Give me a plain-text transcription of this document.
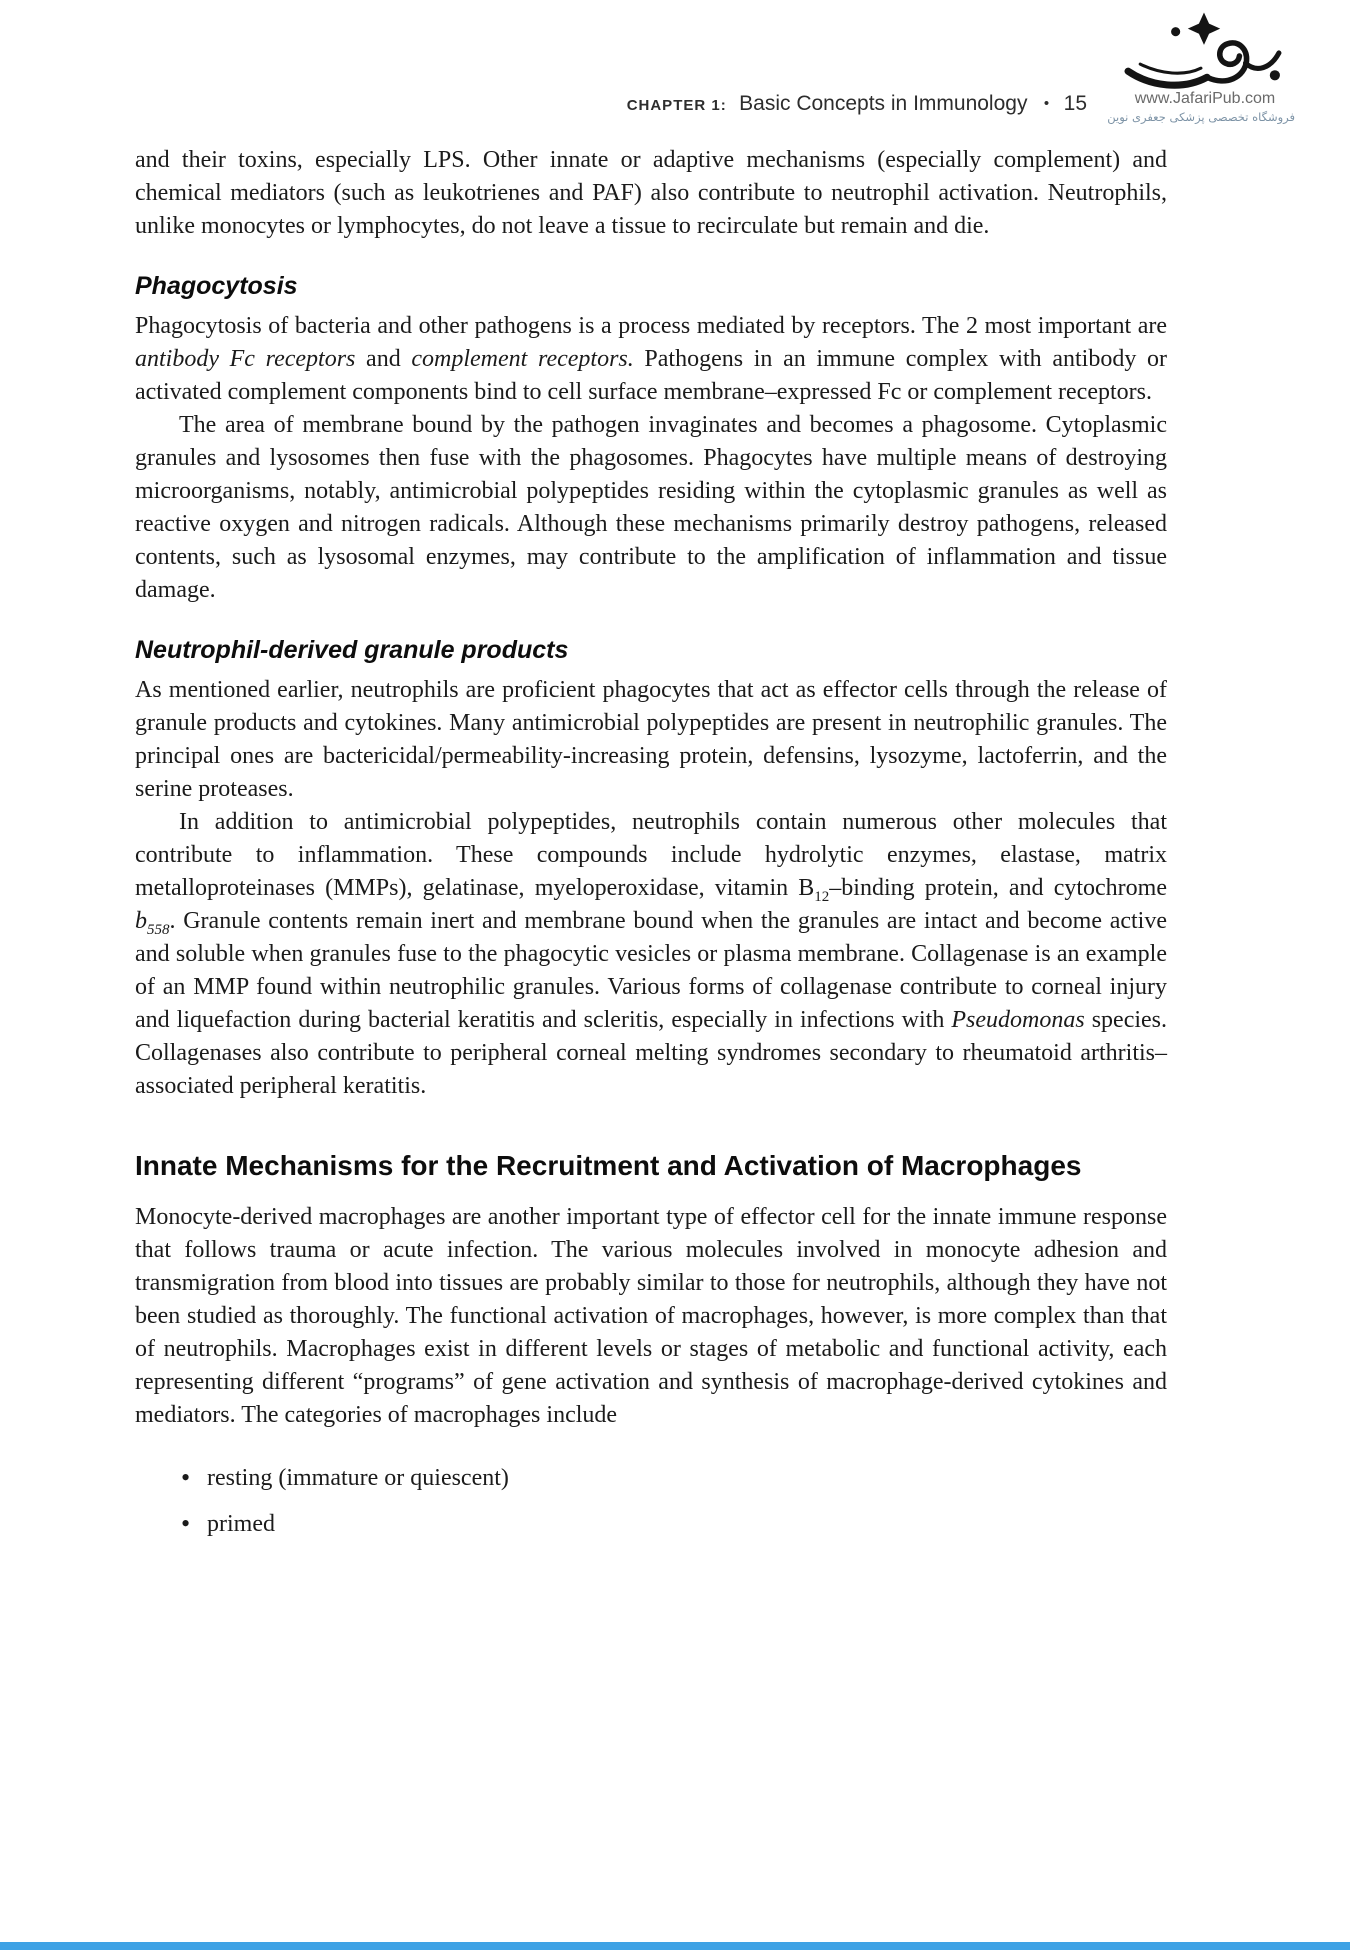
www.JafariPub.com
فروشگاه تخصصی پزشکی جعفری نوین
CHAPTER 1: Basic Concepts in Immunology • 15

and their toxins, especially LPS. Other innate or adaptive mechanisms (especially complement) and chemical mediators (such as leukotrienes and PAF) also contribute to neutrophil activation. Neutrophils, unlike monocytes or lymphocytes, do not leave a tissue to recirculate but remain and die.

Phagocytosis

Phagocytosis of bacteria and other pathogens is a process mediated by receptors. The 2 most important are antibody Fc receptors and complement receptors. Pathogens in an immune complex with antibody or activated complement components bind to cell surface membrane–expressed Fc or complement receptors.

The area of membrane bound by the pathogen invaginates and becomes a phagosome. Cytoplasmic granules and lysosomes then fuse with the phagosomes. Phagocytes have multiple means of destroying microorganisms, notably, antimicrobial polypeptides residing within the cytoplasmic granules as well as reactive oxygen and nitrogen radicals. Although these mechanisms primarily destroy pathogens, released contents, such as lysosomal enzymes, may contribute to the amplification of inflammation and tissue damage.

Neutrophil-derived granule products

As mentioned earlier, neutrophils are proficient phagocytes that act as effector cells through the release of granule products and cytokines. Many antimicrobial polypeptides are present in neutrophilic granules. The principal ones are bactericidal/permeability-increasing protein, defensins, lysozyme, lactoferrin, and the serine proteases.

In addition to antimicrobial polypeptides, neutrophils contain numerous other molecules that contribute to inflammation. These compounds include hydrolytic enzymes, elastase, matrix metalloproteinases (MMPs), gelatinase, myeloperoxidase, vitamin $B_{12}$–binding protein, and cytochrome $b_{558}$. Granule contents remain inert and membrane bound when the granules are intact and become active and soluble when granules fuse to the phagocytic vesicles or plasma membrane. Collagenase is an example of an MMP found within neutrophilic granules. Various forms of collagenase contribute to corneal injury and liquefaction during bacterial keratitis and scleritis, especially in infections with Pseudomonas species. Collagenases also contribute to peripheral corneal melting syndromes secondary to rheumatoid arthritis–associated peripheral keratitis.

Innate Mechanisms for the Recruitment and Activation of Macrophages

Monocyte-derived macrophages are another important type of effector cell for the innate immune response that follows trauma or acute infection. The various molecules involved in monocyte adhesion and transmigration from blood into tissues are probably similar to those for neutrophils, although they have not been studied as thoroughly. The functional activation of macrophages, however, is more complex than that of neutrophils. Macrophages exist in different levels or stages of metabolic and functional activity, each representing different “programs” of gene activation and synthesis of macrophage-derived cytokines and mediators. The categories of macrophages include

• resting (immature or quiescent)
• primed
